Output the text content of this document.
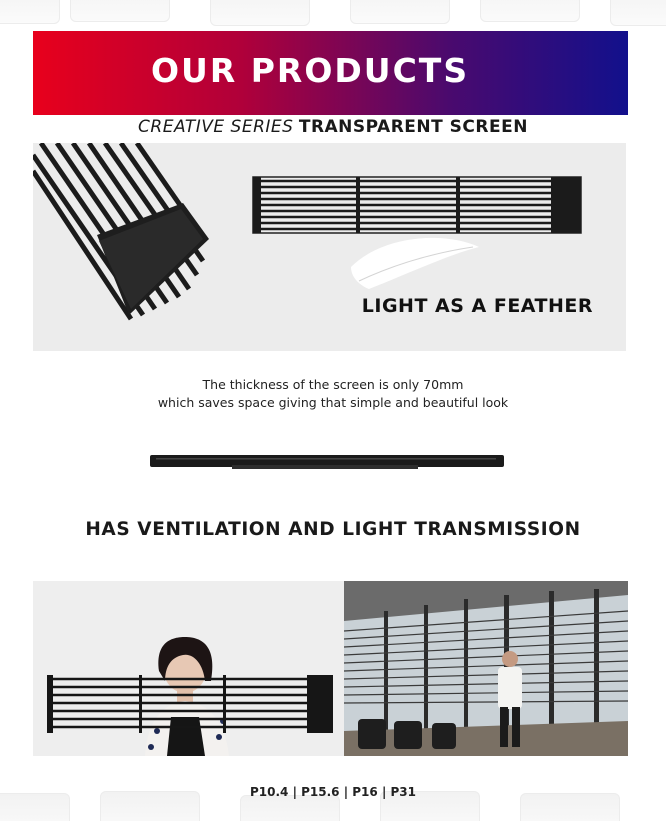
OUR PRODUCTS
CREATIVE SERIES TRANSPARENT SCREEN
LIGHT AS A FEATHER
The thickness of the screen is only 70mm
which saves space giving that simple and beautiful look
HAS VENTILATION AND LIGHT TRANSMISSION
P10.4 | P15.6 | P16 | P31
